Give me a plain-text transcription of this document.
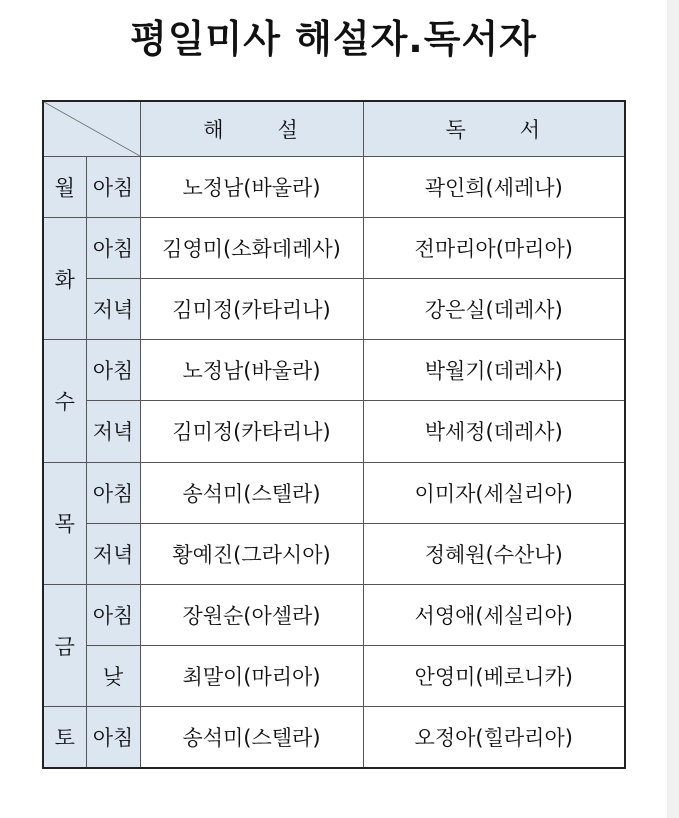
평일미사 해설자.독서자
		해      설	독      서
월	아침	노정남(바울라)	곽인희(세레나)
화	아침	김영미(소화데레사)	전마리아(마리아)
	저녁	김미정(카타리나)	강은실(데레사)
수	아침	노정남(바울라)	박월기(데레사)
	저녁	김미정(카타리나)	박세정(데레사)
목	아침	송석미(스텔라)	이미자(세실리아)
	저녁	황예진(그라시아)	정혜원(수산나)
금	아침	장원순(아셀라)	서영애(세실리아)
	낮	최말이(마리아)	안영미(베로니카)
토	아침	송석미(스텔라)	오정아(힐라리아)
